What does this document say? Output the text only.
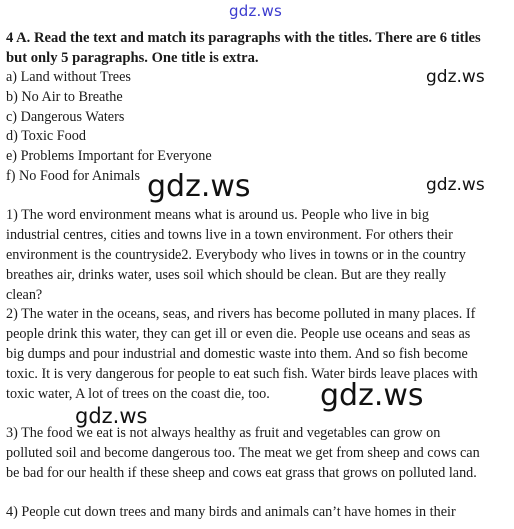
gdz.ws
gdz.ws
gdz.ws
gdz.ws
gdz.ws
gdz.ws
4 A. Read the text and match its paragraphs with the titles. There are 6 titles
but only 5 paragraphs. One title is extra.
a) Land without Trees
b) No Air to Breathe
c) Dangerous Waters
d) Toxic Food
e) Problems Important for Everyone
f) No Food for Animals
1) The word environment means what is around us. People who live in big
industrial centres, cities and towns live in a town environment. For others their
environment is the countryside2. Everybody who lives in towns or in the country
breathes air, drinks water, uses soil which should be clean. But are they really
clean?
2) The water in the oceans, seas, and rivers has become polluted in many places. If
people drink this water, they can get ill or even die. People use oceans and seas as
big dumps and pour industrial and domestic waste into them. And so fish become
toxic. It is very dangerous for people to eat such fish. Water birds leave places with
toxic water, A lot of trees on the coast die, too.
3) The food we eat is not always healthy as fruit and vegetables can grow on
polluted soil and become dangerous too. The meat we get from sheep and cows can
be bad for our health if these sheep and cows eat grass that grows on polluted land.
4) People cut down trees and many birds and animals can’t have homes in their
